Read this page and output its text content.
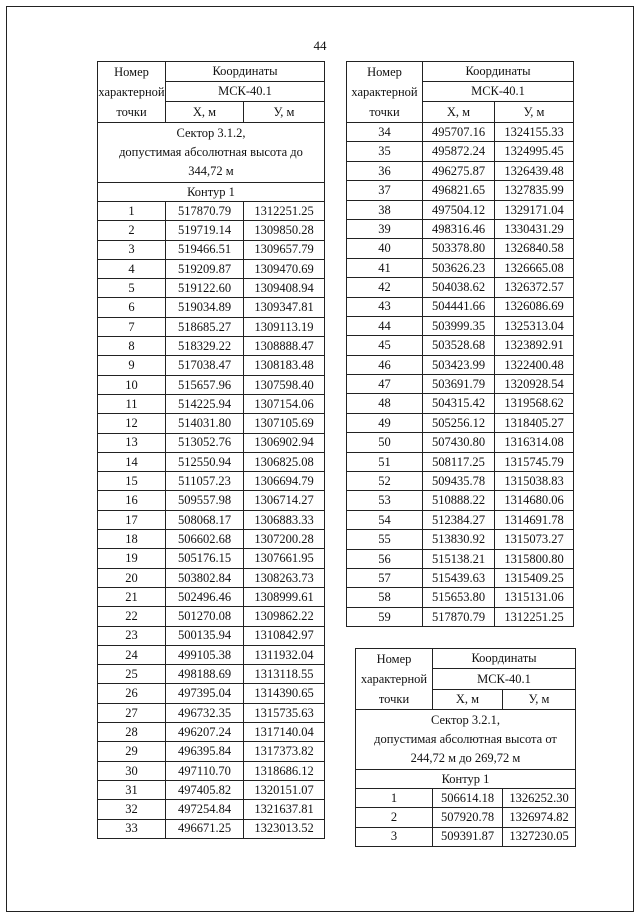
44
Номер
характерной
точки	Координаты	
	МСК-40.1	
	X, м	У, м
Сектор 3.1.2,
допустимая абсолютная высота до
344,72 м		
Контур 1		
1	517870.79	1312251.25
2	519719.14	1309850.28
3	519466.51	1309657.79
4	519209.87	1309470.69
5	519122.60	1309408.94
6	519034.89	1309347.81
7	518685.27	1309113.19
8	518329.22	1308888.47
9	517038.47	1308183.48
10	515657.96	1307598.40
11	514225.94	1307154.06
12	514031.80	1307105.69
13	513052.76	1306902.94
14	512550.94	1306825.08
15	511057.23	1306694.79
16	509557.98	1306714.27
17	508068.17	1306883.33
18	506602.68	1307200.28
19	505176.15	1307661.95
20	503802.84	1308263.73
21	502496.46	1308999.61
22	501270.08	1309862.22
23	500135.94	1310842.97
24	499105.38	1311932.04
25	498188.69	1313118.55
26	497395.04	1314390.65
27	496732.35	1315735.63
28	496207.24	1317140.04
29	496395.84	1317373.82
30	497110.70	1318686.12
31	497405.82	1320151.07
32	497254.84	1321637.81
33	496671.25	1323013.52
Номер
характерной
точки	Координаты	
	МСК-40.1	
	X, м	У, м
34	495707.16	1324155.33
35	495872.24	1324995.45
36	496275.87	1326439.48
37	496821.65	1327835.99
38	497504.12	1329171.04
39	498316.46	1330431.29
40	503378.80	1326840.58
41	503626.23	1326665.08
42	504038.62	1326372.57
43	504441.66	1326086.69
44	503999.35	1325313.04
45	503528.68	1323892.91
46	503423.99	1322400.48
47	503691.79	1320928.54
48	504315.42	1319568.62
49	505256.12	1318405.27
50	507430.80	1316314.08
51	508117.25	1315745.79
52	509435.78	1315038.83
53	510888.22	1314680.06
54	512384.27	1314691.78
55	513830.92	1315073.27
56	515138.21	1315800.80
57	515439.63	1315409.25
58	515653.80	1315131.06
59	517870.79	1312251.25
Номер
характерной
точки	Координаты	
	МСК-40.1	
	X, м	У, м
Сектор 3.2.1,
допустимая абсолютная высота от
244,72 м до 269,72 м		
Контур 1		
1	506614.18	1326252.30
2	507920.78	1326974.82
3	509391.87	1327230.05
